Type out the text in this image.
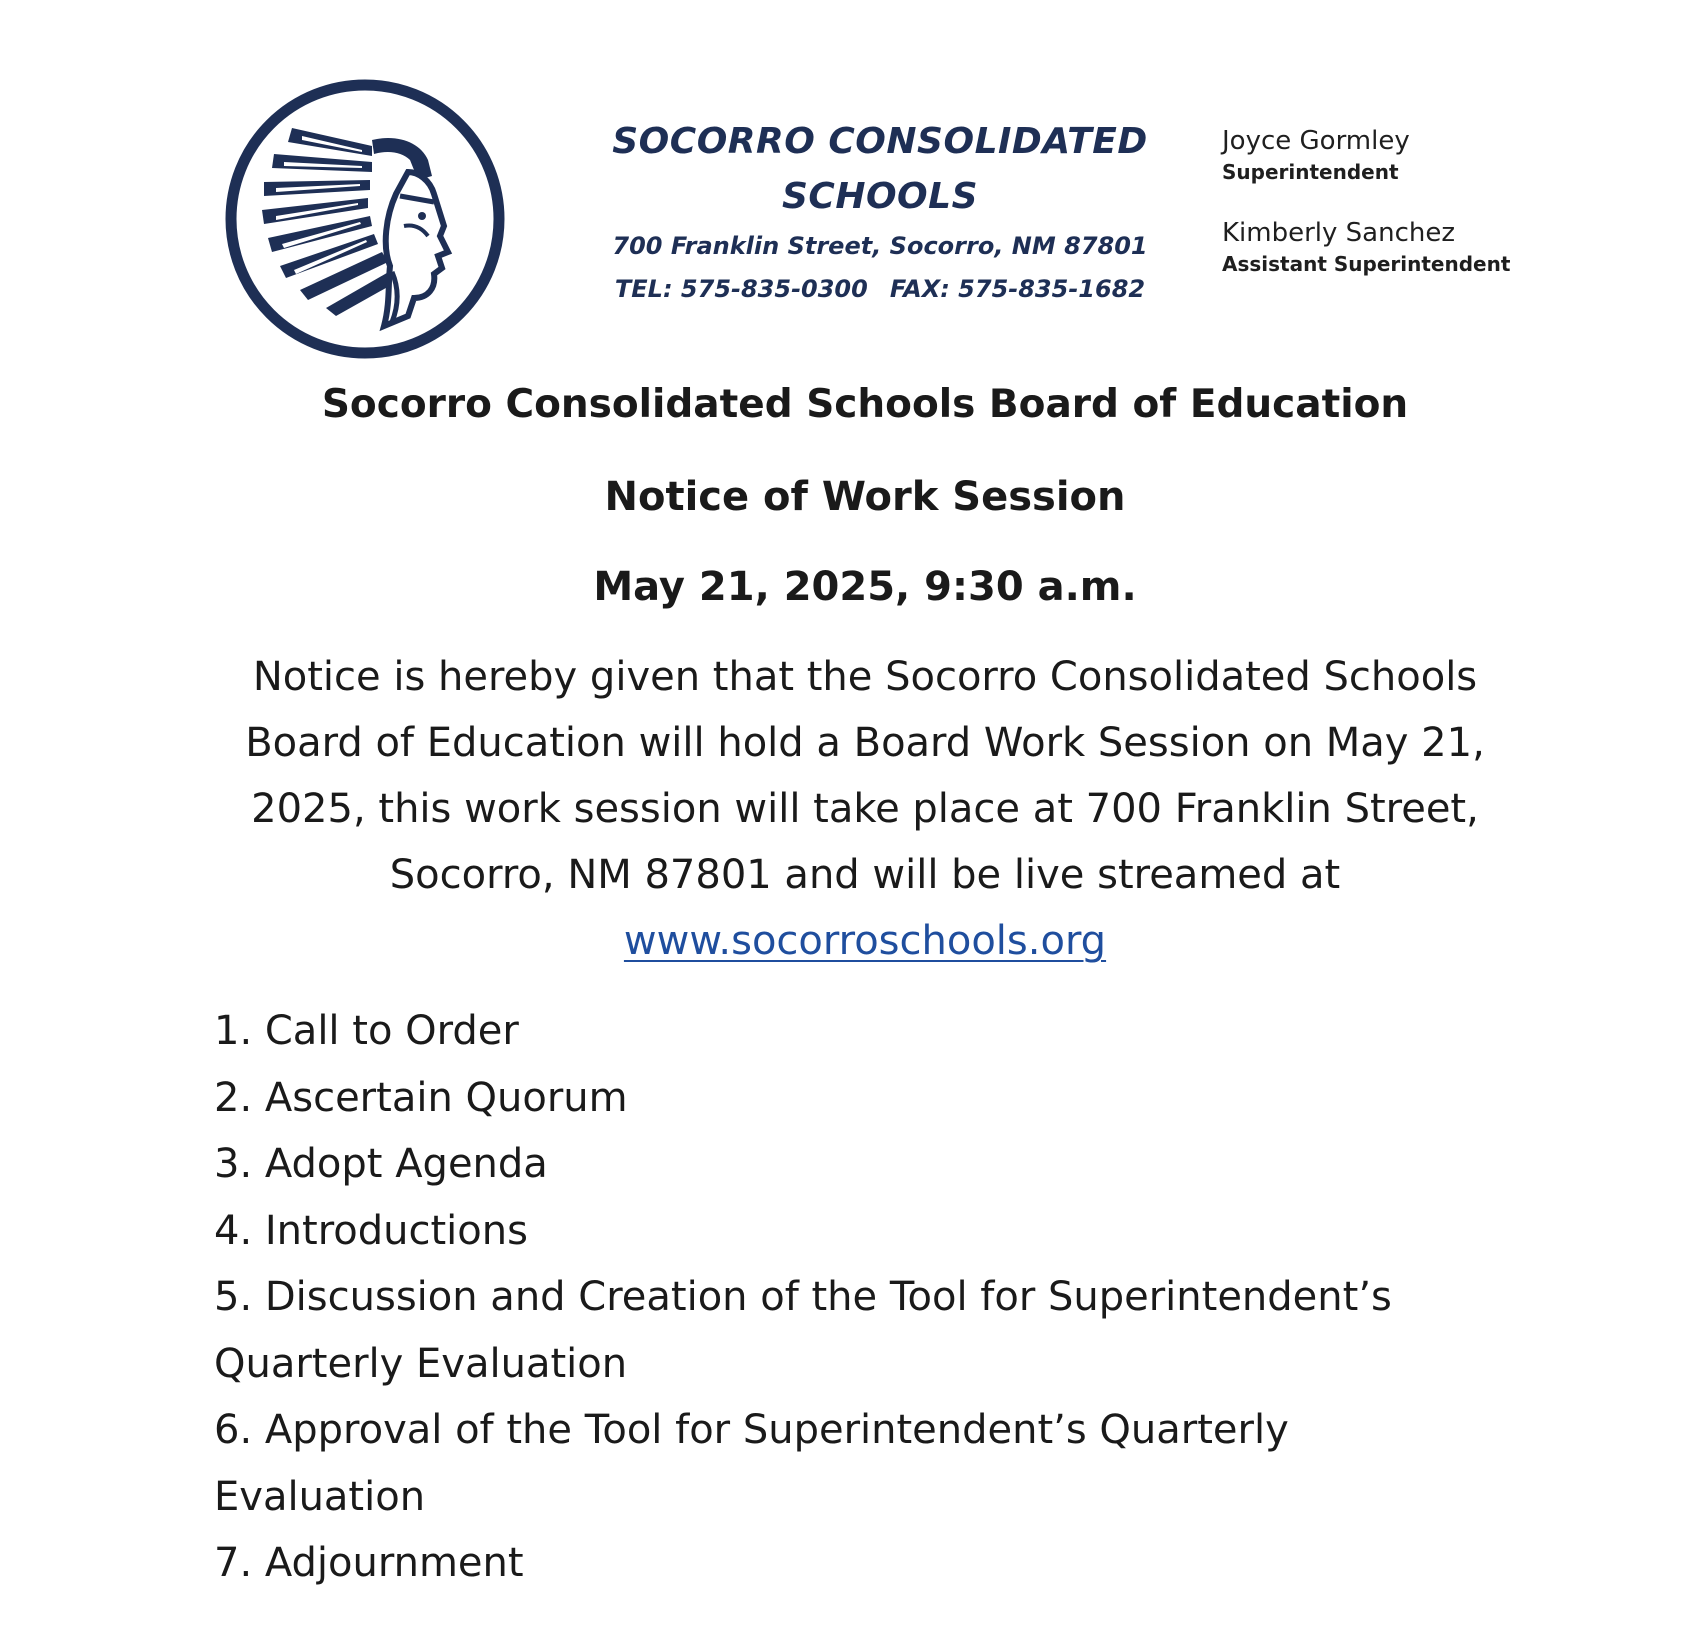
SOCORRO CONSOLIDATED
SCHOOLS
700 Franklin Street, Socorro, NM 87801
TEL: 575-835-0300 FAX: 575-835-1682
Joyce Gormley
Superintendent
Kimberly Sanchez
Assistant Superintendent
Socorro Consolidated Schools Board of Education
Notice of Work Session
May 21, 2025, 9:30 a.m.
Notice is hereby given that the Socorro Consolidated Schools
Board of Education will hold a Board Work Session on May 21,
2025, this work session will take place at 700 Franklin Street,
Socorro, NM 87801 and will be live streamed at
www.socorroschools.org
1. Call to Order
2. Ascertain Quorum
3. Adopt Agenda
4. Introductions
5. Discussion and Creation of the Tool for Superintendent’s
Quarterly Evaluation
6. Approval of the Tool for Superintendent’s Quarterly
Evaluation
7. Adjournment
